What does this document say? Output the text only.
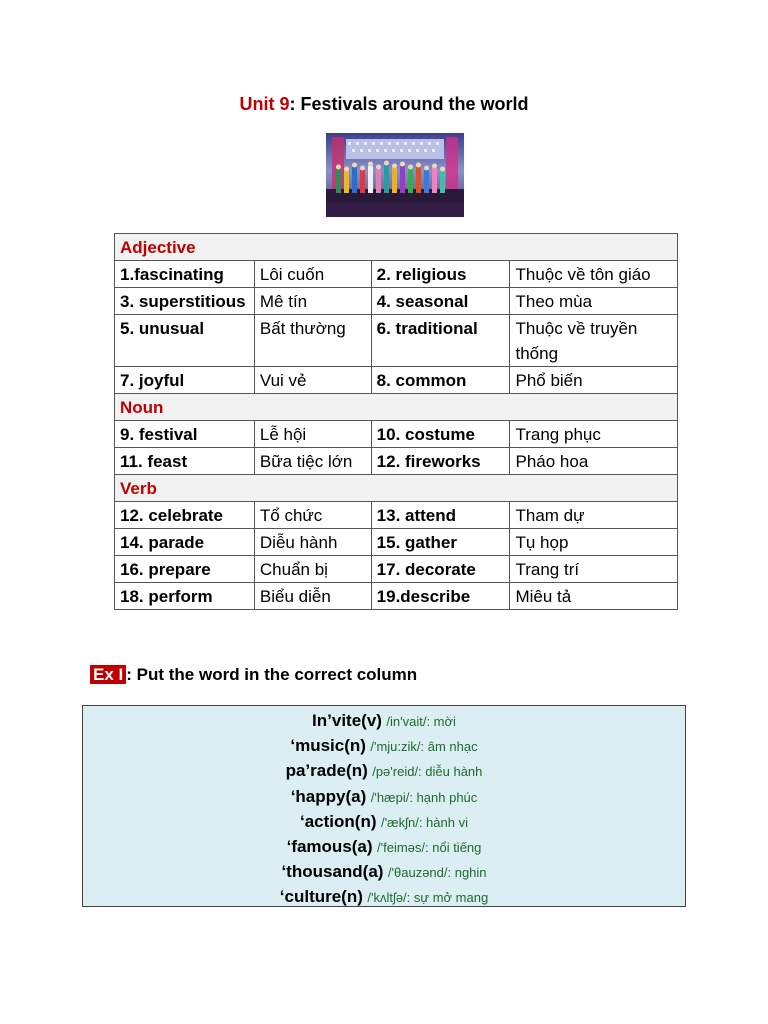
Unit 9: Festivals around the world
Adjective			
1.fascinating	Lôi cuốn	2. religious	Thuộc về tôn giáo
3. superstitious	Mê tín	4. seasonal	Theo mùa
5. unusual	Bất thường	6. traditional	Thuộc về truyền thống
7. joyful	Vui vẻ	8. common	Phổ biến
Noun			
9. festival	Lễ hội	10. costume	Trang phục
11. feast	Bữa tiệc lớn	12. fireworks	Pháo hoa
Verb			
12. celebrate	Tổ chức	13. attend	Tham dự
14. parade	Diễu hành	15. gather	Tụ họp
16. prepare	Chuẩn bị	17. decorate	Trang trí
18. perform	Biểu diễn	19.describe	Miêu tả
Ex I : Put the word in the correct column
In’vite(v) /in'vait/: mời
‘music(n) /'mju:zik/: âm nhạc
pa’rade(n) /pə'reid/: diễu hành
‘happy(a) /'hæpi/: hạnh phúc
‘action(n) /'ækʃn/: hành vi
‘famous(a) /'feiməs/: nổi tiếng
‘thousand(a) /'θauzənd/: nghin
‘culture(n) /'kʌltʃə/: sự mở mang
